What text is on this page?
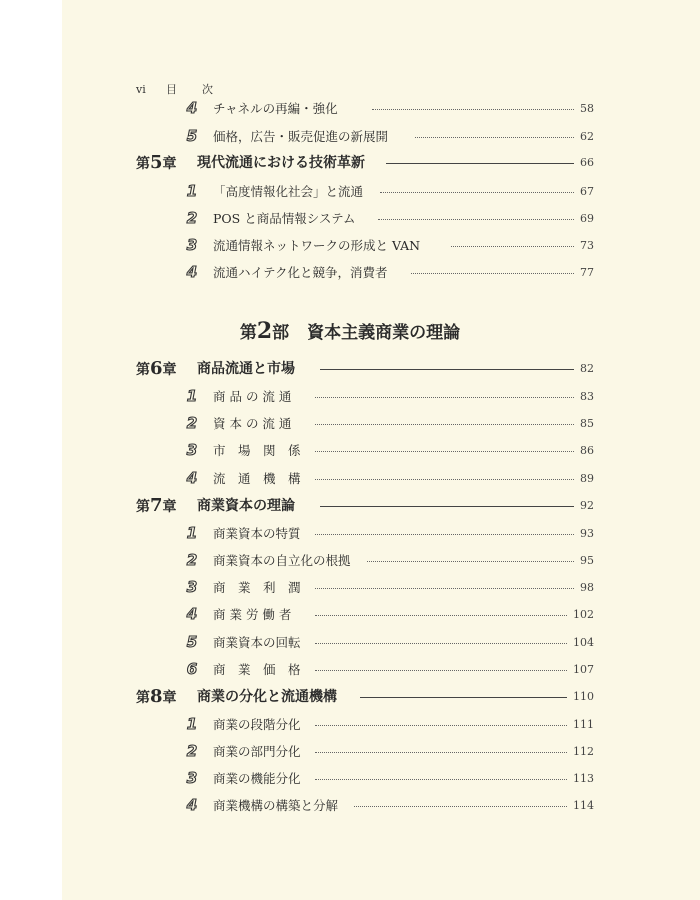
vi 目 次
第2部 資本主義商業の理論
4	チャネルの再編・強化	58
5	価格，広告・販売促進の新展開	62
第5章 現代流通における技術革新	66
1	「高度情報化社会」と流通	67
2	POS と商品情報システム	69
3	流通情報ネットワークの形成と VAN	73
4	流通ハイテク化と競争，消費者	77
第6章 商品流通と市場	82
1	商 品 の 流 通	83
2	資 本 の 流 通	85
3	市　場　関　係	86
4	流　通　機　構	89
第7章 商業資本の理論	92
1	商業資本の特質	93
2	商業資本の自立化の根拠	95
3	商　業　利　潤	98
4	商 業 労 働 者	102
5	商業資本の回転	104
6	商　業　価　格	107
第8章 商業の分化と流通機構	110
1	商業の段階分化	111
2	商業の部門分化	112
3	商業の機能分化	113
4	商業機構の構築と分解	114
